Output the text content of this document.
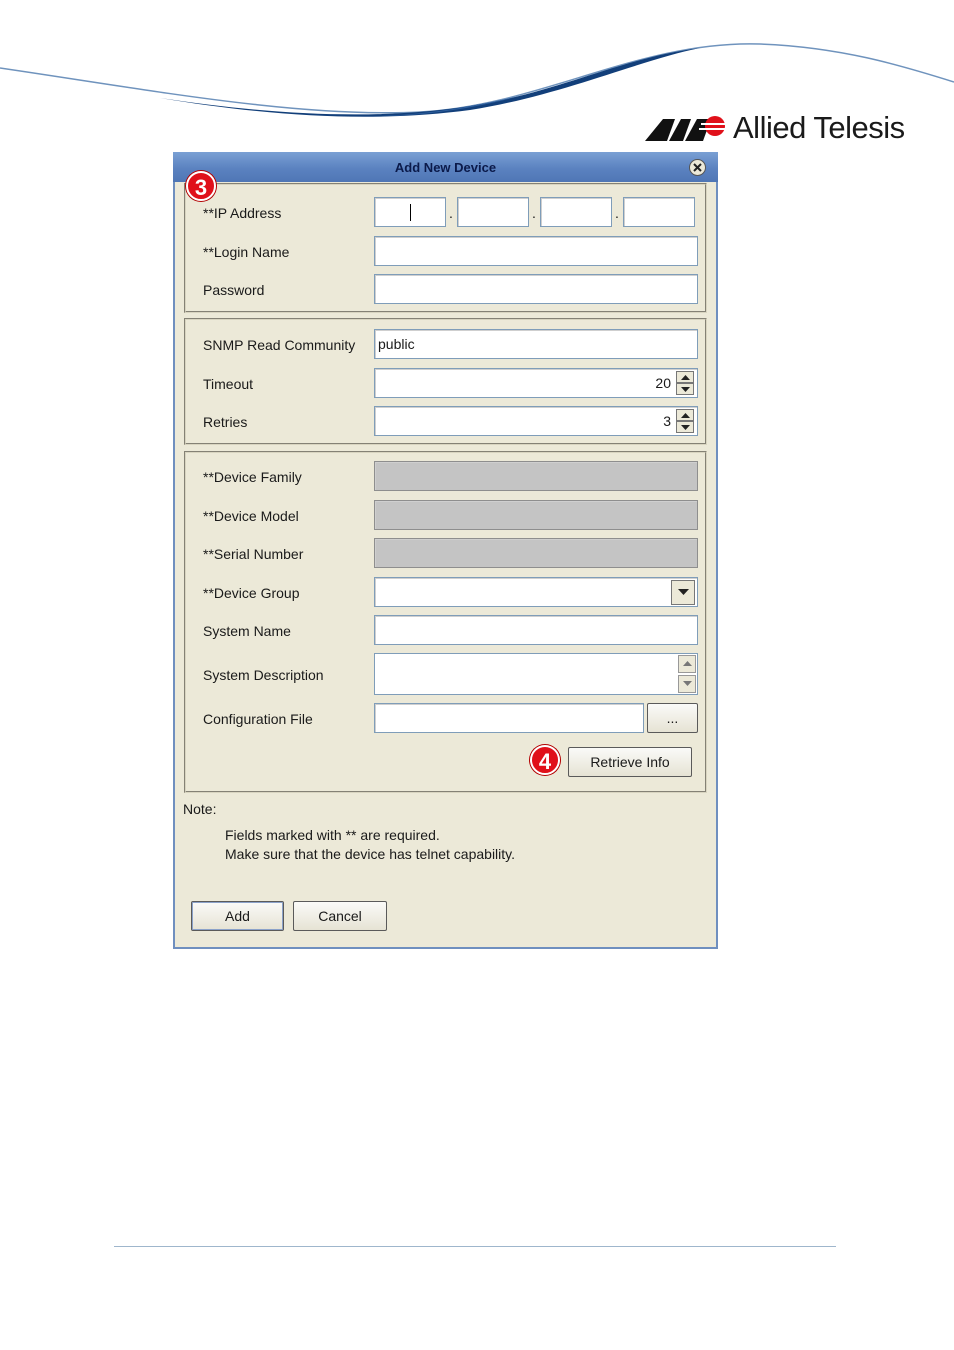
Allied Telesis
Add New Device
**IP Address	.	.	.
**Login Name
Password
SNMP Read Community public
Timeout	20
Retries	3
**Device Family
**Device Model
**Serial Number
**Device Group
System Name
System Description
Configuration File	...
4	Retrieve Info
3
Note:
Fields marked with ** are required.
Make sure that the device has telnet capability.
Add	Cancel
